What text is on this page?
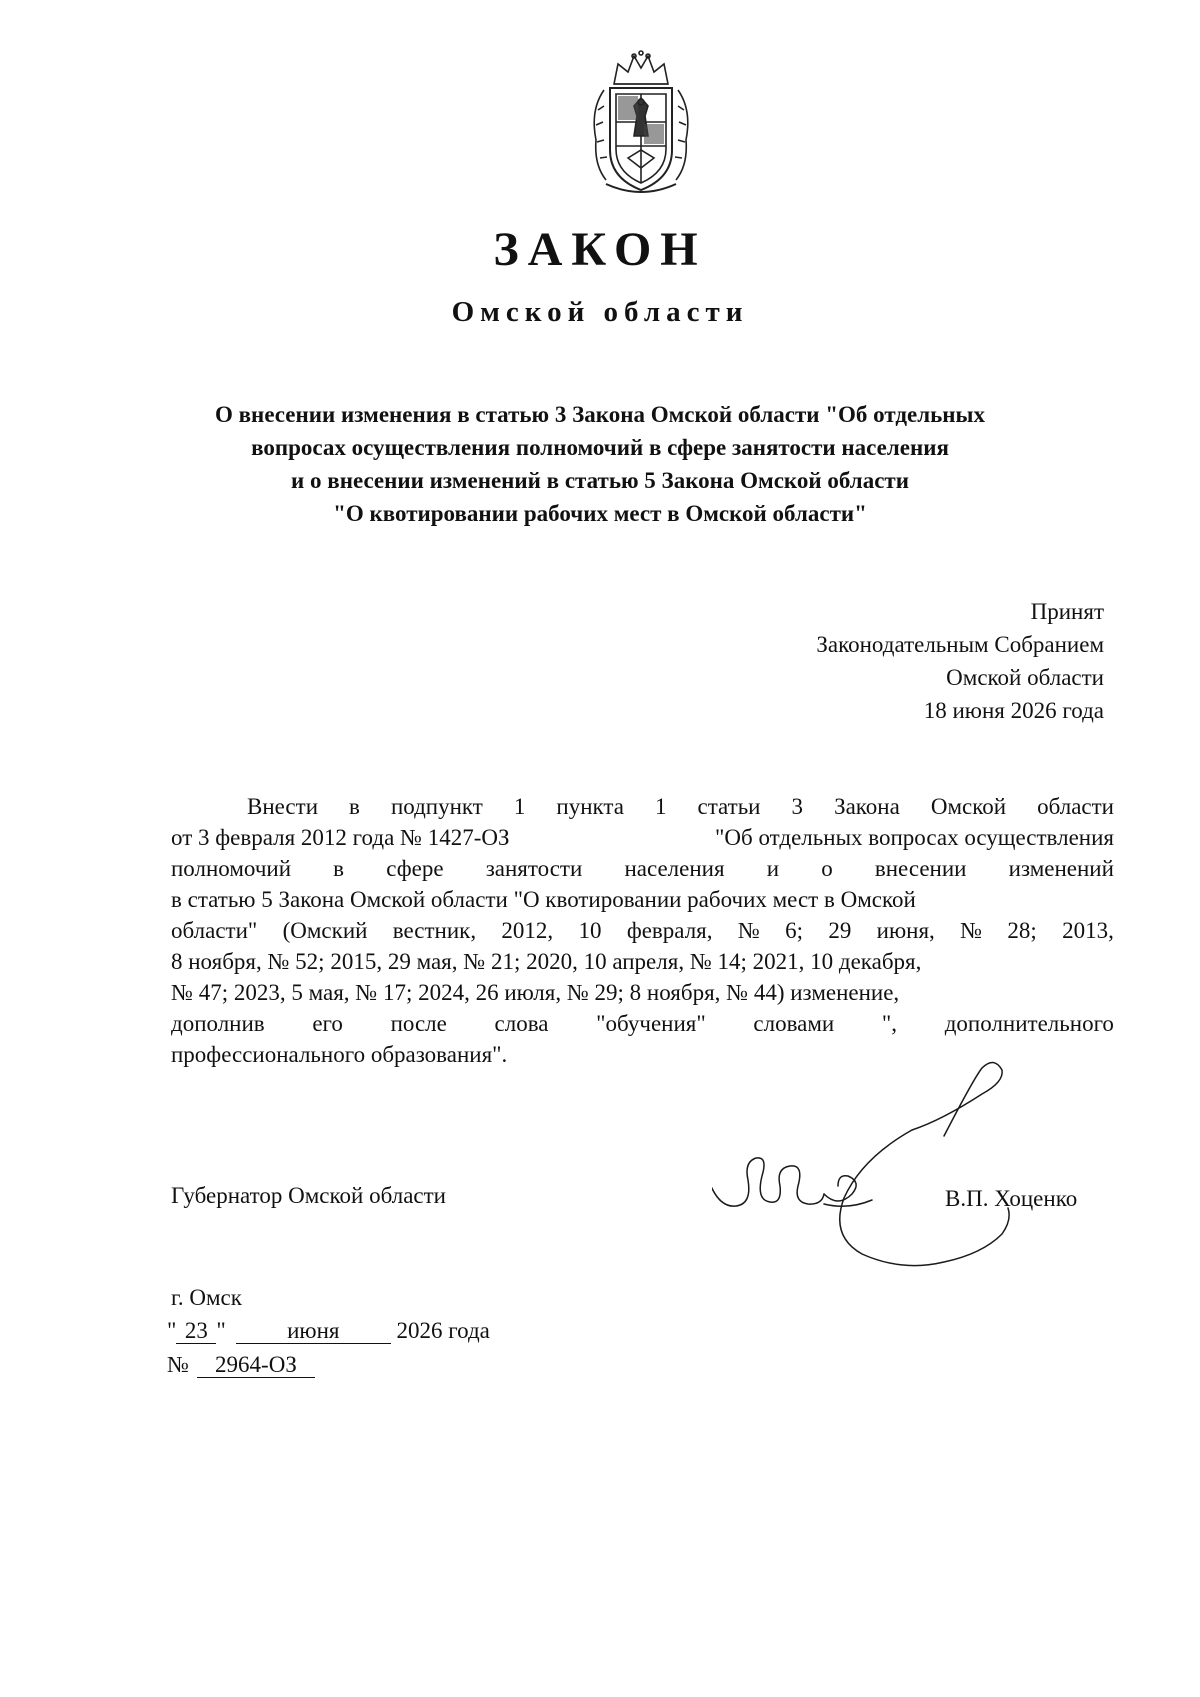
ЗАКОН
Омской области
О внесении изменения в статью 3 Закона Омской области "Об отдельных
вопросах осуществления полномочий в сфере занятости населения
и о внесении изменений в статью 5 Закона Омской области
"О квотировании рабочих мест в Омской области"
Принят
Законодательным Собранием
Омской области
18 июня 2026 года
Внести в подпункт 1 пункта 1 статьи 3 Закона Омской области
от 3 февраля 2012 года № 1427-ОЗ	"Об отдельных вопросах осуществления
полномочий в сфере занятости населения и о внесении изменений
в статью 5 Закона Омской области "О квотировании рабочих мест в Омской
области" (Омский вестник, 2012, 10 февраля, № 6; 29 июня, № 28; 2013,
8 ноября, № 52; 2015, 29 мая, № 21; 2020, 10 апреля, № 14; 2021, 10 декабря,
№ 47; 2023, 5 мая, № 17; 2024, 26 июля, № 29; 8 ноября, № 44) изменение,
дополнив его после слова "обучения" словами ", дополнительного
профессионального образования".
Губернатор Омской области	В.П. Хоценко
г. Омск
" 23 "	июня 2026 года
№ 2964-ОЗ
